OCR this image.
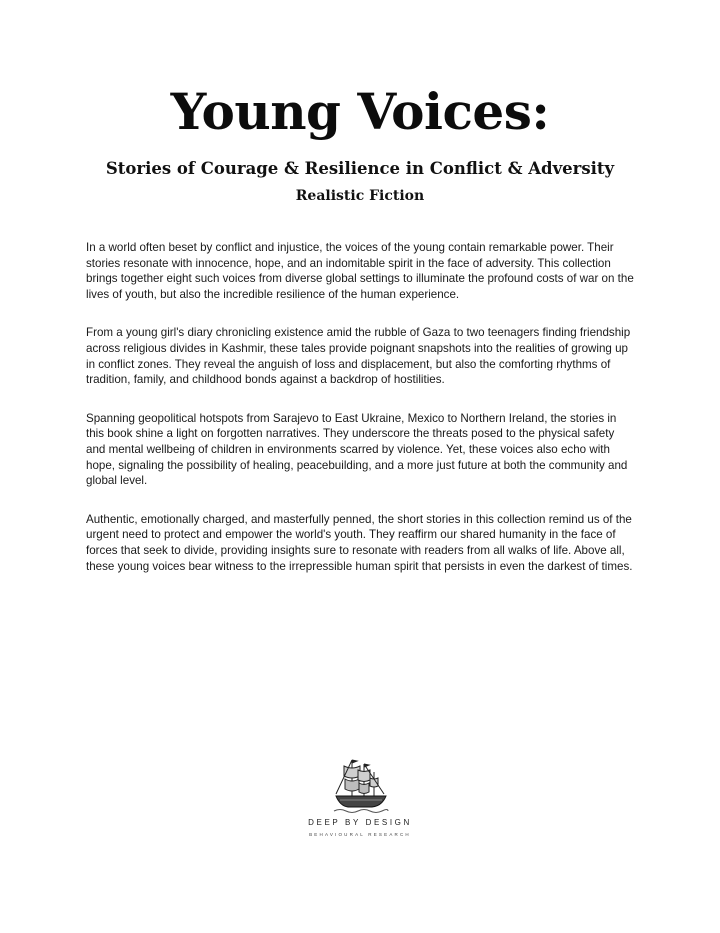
Young Voices:
Stories of Courage & Resilience in Conflict & Adversity
Realistic Fiction

In a world often beset by conflict and injustice, the voices of the young contain remarkable power. Their stories resonate with innocence, hope, and an indomitable spirit in the face of adversity. This collection brings together eight such voices from diverse global settings to illuminate the profound costs of war on the lives of youth, but also the incredible resilience of the human experience.

From a young girl's diary chronicling existence amid the rubble of Gaza to two teenagers finding friendship across religious divides in Kashmir, these tales provide poignant snapshots into the realities of growing up in conflict zones. They reveal the anguish of loss and displacement, but also the comforting rhythms of tradition, family, and childhood bonds against a backdrop of hostilities.

Spanning geopolitical hotspots from Sarajevo to East Ukraine, Mexico to Northern Ireland, the stories in this book shine a light on forgotten narratives. They underscore the threats posed to the physical safety and mental wellbeing of children in environments scarred by violence. Yet, these voices also echo with hope, signaling the possibility of healing, peacebuilding, and a more just future at both the community and global level.

Authentic, emotionally charged, and masterfully penned, the short stories in this collection remind us of the urgent need to protect and empower the world's youth. They reaffirm our shared humanity in the face of forces that seek to divide, providing insights sure to resonate with readers from all walks of life. Above all, these young voices bear witness to the irrepressible human spirit that persists in even the darkest of times.

DEEP BY DESIGN
BEHAVIOURAL RESEARCH
